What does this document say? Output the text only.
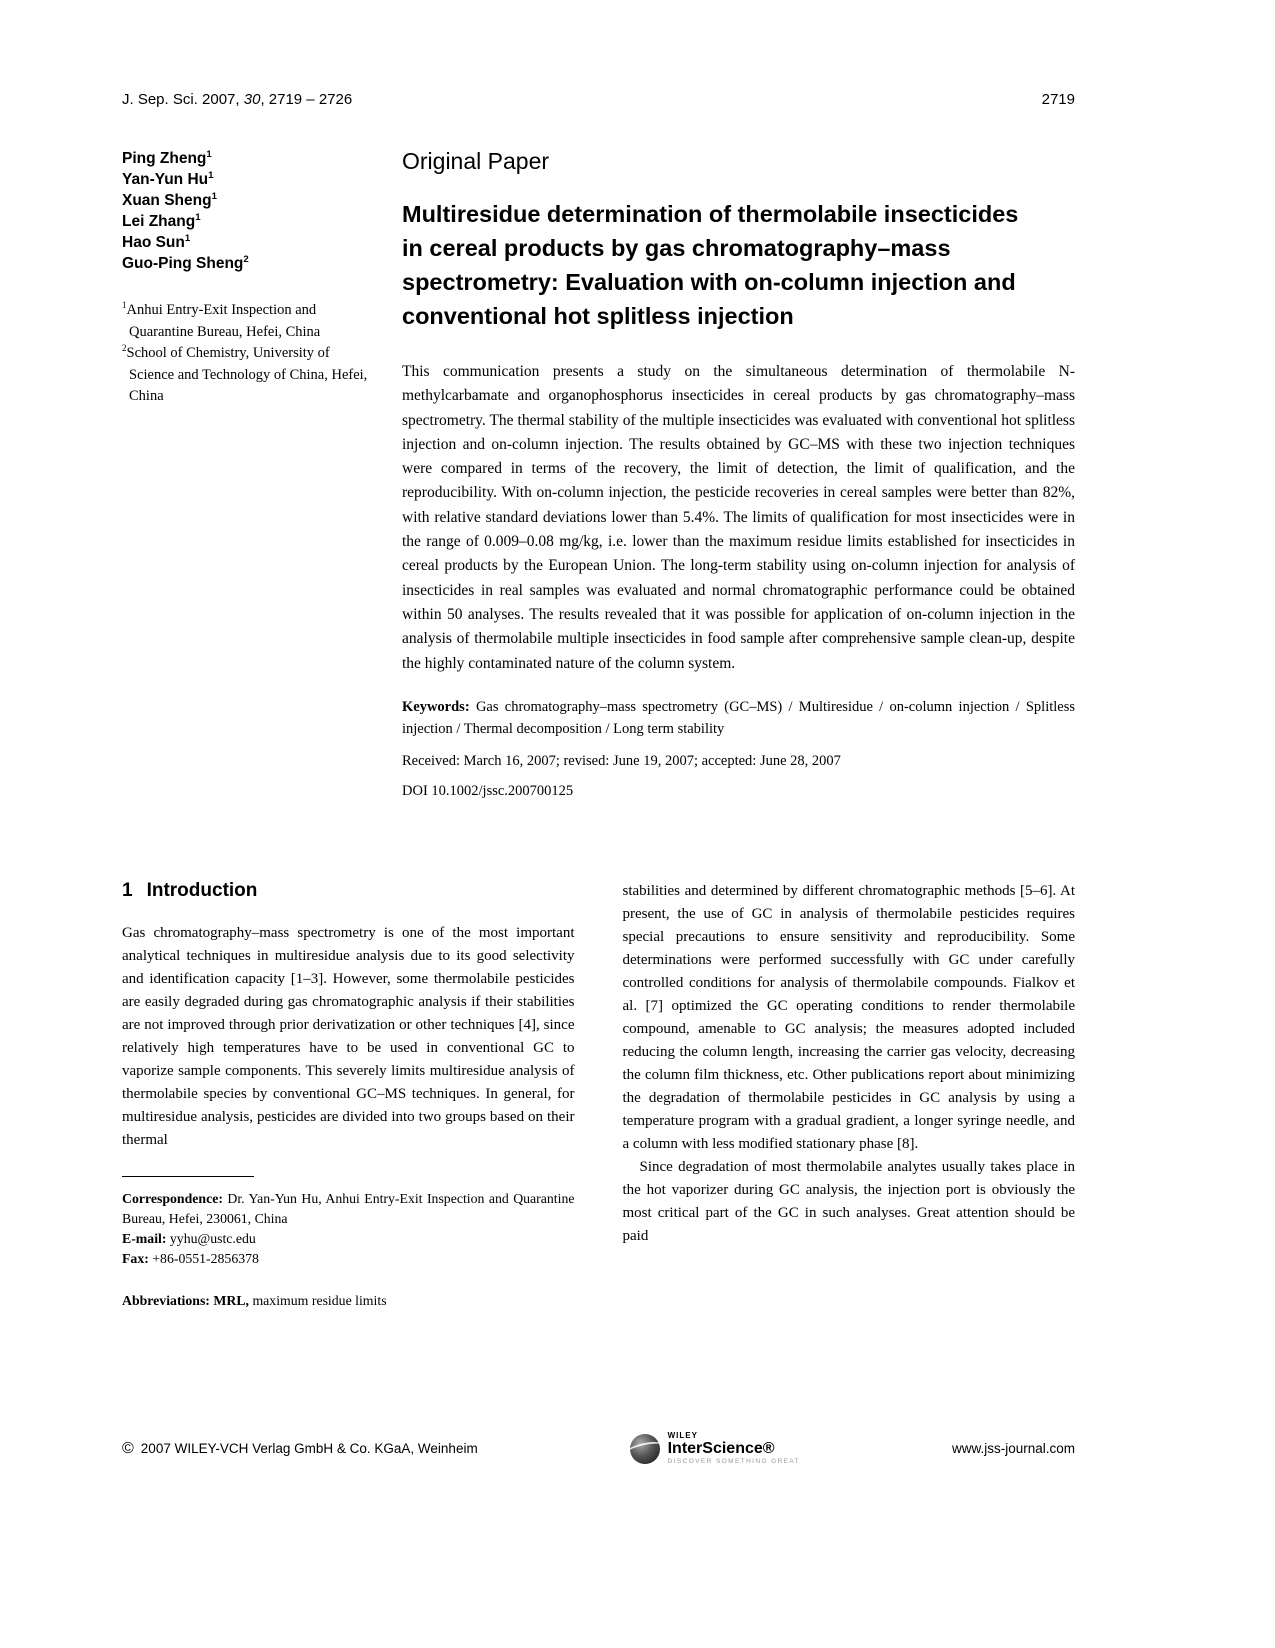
J. Sep. Sci. 2007, 30, 2719 – 2726	2719
Ping Zheng$^1$
Yan-Yun Hu$^1$
Xuan Sheng$^1$
Lei Zhang$^1$
Hao Sun$^1$
Guo-Ping Sheng$^2$
$^1$Anhui Entry-Exit Inspection and Quarantine Bureau, Hefei, China
$^2$School of Chemistry, University of Science and Technology of China, Hefei, China
Original Paper
Multiresidue determination of thermolabile insecticides in cereal products by gas chromatography–mass spectrometry: Evaluation with on-column injection and conventional hot splitless injection

This communication presents a study on the simultaneous determination of thermolabile N-methylcarbamate and organophosphorus insecticides in cereal products by gas chromatography–mass spectrometry. The thermal stability of the multiple insecticides was evaluated with conventional hot splitless injection and on-column injection. The results obtained by GC–MS with these two injection techniques were compared in terms of the recovery, the limit of detection, the limit of qualification, and the reproducibility. With on-column injection, the pesticide recoveries in cereal samples were better than 82%, with relative standard deviations lower than 5.4%. The limits of qualification for most insecticides were in the range of 0.009–0.08 mg/kg, i.e. lower than the maximum residue limits established for insecticides in cereal products by the European Union. The long-term stability using on-column injection for analysis of insecticides in real samples was evaluated and normal chromatographic performance could be obtained within 50 analyses. The results revealed that it was possible for application of on-column injection in the analysis of thermolabile multiple insecticides in food sample after comprehensive sample clean-up, despite the highly contaminated nature of the column system.

Keywords: Gas chromatography–mass spectrometry (GC–MS) / Multiresidue / on-column injection / Splitless injection / Thermal decomposition / Long term stability

Received: March 16, 2007; revised: June 19, 2007; accepted: June 28, 2007

DOI 10.1002/jssc.200700125

1 Introduction

Gas chromatography–mass spectrometry is one of the most important analytical techniques in multiresidue analysis due to its good selectivity and identification capacity [1–3]. However, some thermolabile pesticides are easily degraded during gas chromatographic analysis if their stabilities are not improved through prior derivatization or other techniques [4], since relatively high temperatures have to be used in conventional GC to vaporize sample components. This severely limits multiresidue analysis of thermolabile species by conventional GC–MS techniques. In general, for multiresidue analysis, pesticides are divided into two groups based on their thermal

Correspondence: Dr. Yan-Yun Hu, Anhui Entry-Exit Inspection and Quarantine Bureau, Hefei, 230061, China
E-mail: yyhu@ustc.edu
Fax: +86-0551-2856378
Abbreviations: MRL, maximum residue limits

stabilities and determined by different chromatographic methods [5–6]. At present, the use of GC in analysis of thermolabile pesticides requires special precautions to ensure sensitivity and reproducibility. Some determinations were performed successfully with GC under carefully controlled conditions for analysis of thermolabile compounds. Fialkov et al. [7] optimized the GC operating conditions to render thermolabile compound, amenable to GC analysis; the measures adopted included reducing the column length, increasing the carrier gas velocity, decreasing the column film thickness, etc. Other publications report about minimizing the degradation of thermolabile pesticides in GC analysis by using a temperature program with a gradual gradient, a longer syringe needle, and a column with less modified stationary phase [8].

Since degradation of most thermolabile analytes usually takes place in the hot vaporizer during GC analysis, the injection port is obviously the most critical part of the GC in such analyses. Great attention should be paid

© 2007 WILEY-VCH Verlag GmbH & Co. KGaA, Weinheim
WILEY
InterScience®
DISCOVER SOMETHING GREAT
www.jss-journal.com
